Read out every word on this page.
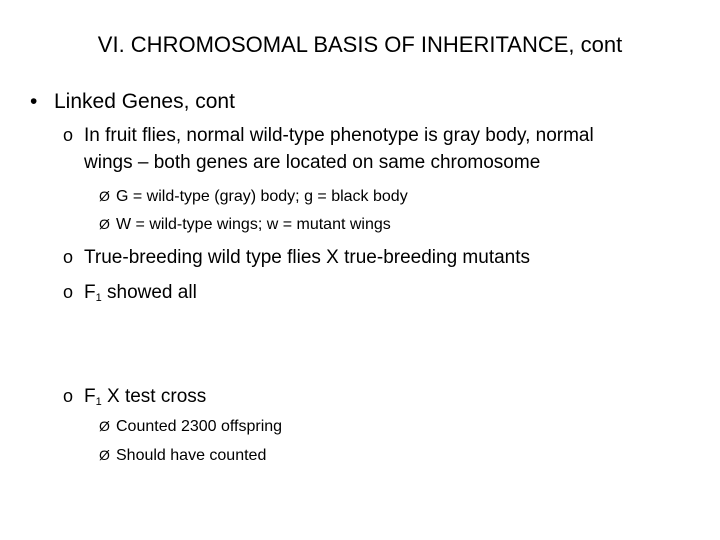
VI. CHROMOSOMAL BASIS OF INHERITANCE, cont
• Linked Genes, cont
o In fruit flies, normal wild-type phenotype is gray body, normal
wings – both genes are located on same chromosome
Ø G = wild-type (gray) body; g = black body
Ø W = wild-type wings; w = mutant wings
o True-breeding wild type flies X true-breeding mutants
o $F_1$ showed all
o $F_1$ X test cross
Ø Counted 2300 offspring
Ø Should have counted
